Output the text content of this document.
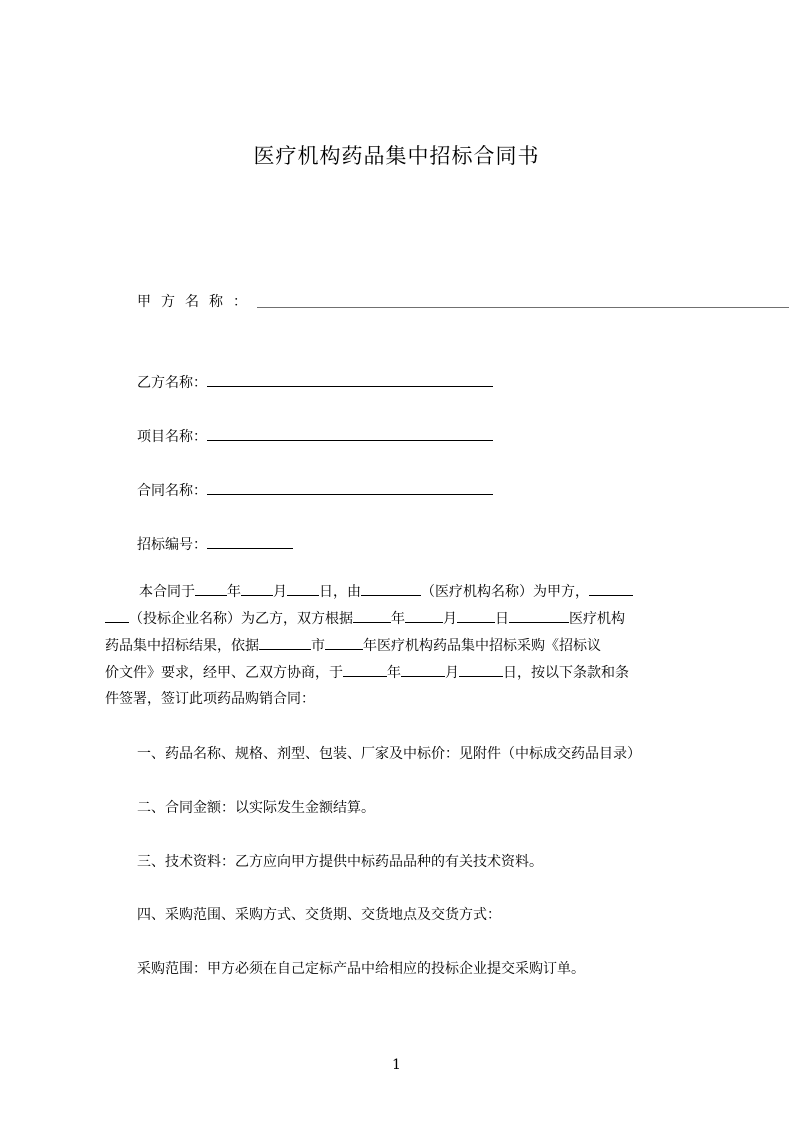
医疗机构药品集中招标合同书
甲方名称：＿＿＿＿＿＿＿＿＿＿＿＿＿＿＿＿＿＿＿＿＿＿＿＿＿＿＿＿＿＿＿＿＿＿＿＿＿＿
乙方名称：
项目名称：
合同名称：
招标编号：
本合同于 年 月 日，由	（医疗机构名称）为甲方，
（投标企业名称）为乙方，双方根据	年	月	日	医疗机构
药品集中招标结果，依据	市	年医疗机构药品集中招标采购《招标议
价文件》要求，经甲、乙双方协商，于	年	月	日，按以下条款和条
件签署，签订此项药品购销合同：
一、药品名称、规格、剂型、包装、厂家及中标价：见附件（中标成交药品目录）
二、合同金额：以实际发生金额结算。
三、技术资料：乙方应向甲方提供中标药品品种的有关技术资料。
四、采购范围、采购方式、交货期、交货地点及交货方式：
采购范围：甲方必须在自己定标产品中给相应的投标企业提交采购订单。
1
